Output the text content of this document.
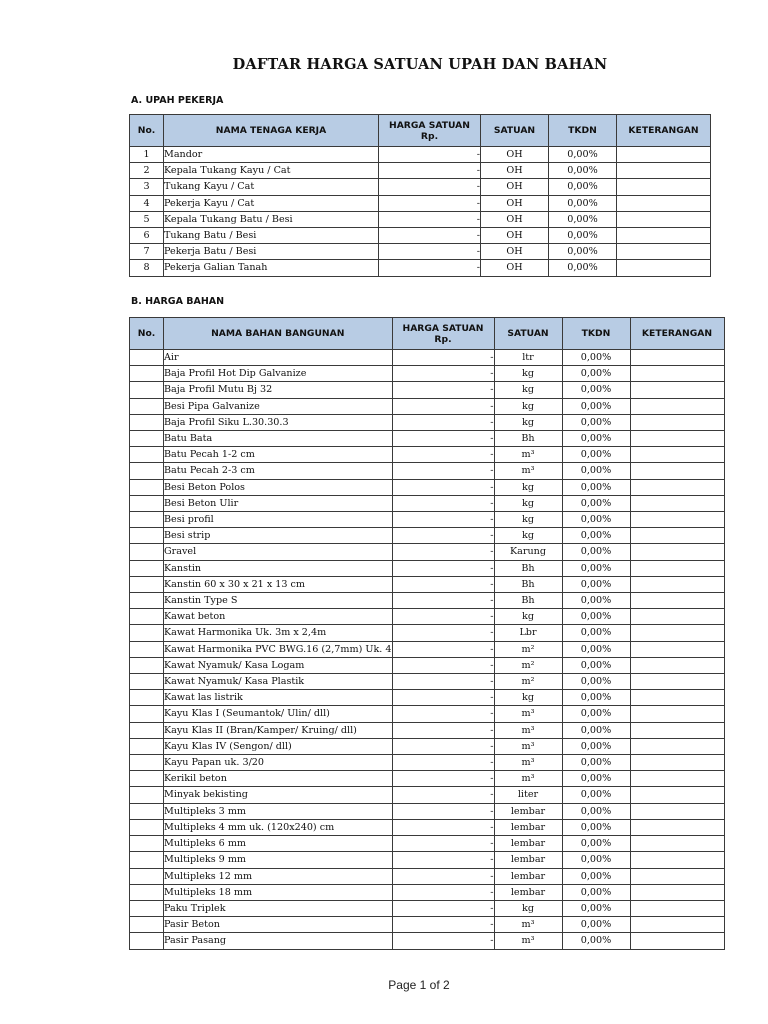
DAFTAR HARGA SATUAN UPAH DAN BAHAN
A. UPAH PEKERJA
No.	NAMA TENAGA KERJA	HARGA SATUAN
Rp.	SATUAN	TKDN	KETERANGAN
1	Mandor	-	OH	0,00%	
2	Kepala Tukang Kayu / Cat	-	OH	0,00%	
3	Tukang Kayu / Cat	-	OH	0,00%	
4	Pekerja Kayu / Cat	-	OH	0,00%	
5	Kepala Tukang Batu / Besi	-	OH	0,00%	
6	Tukang Batu / Besi	-	OH	0,00%	
7	Pekerja Batu / Besi	-	OH	0,00%	
8	Pekerja Galian Tanah	-	OH	0,00%	
B. HARGA BAHAN
No.	NAMA BAHAN BANGUNAN	HARGA SATUAN
Rp.	SATUAN	TKDN	KETERANGAN
	Air	-	ltr	0,00%	
	Baja Profil Hot Dip Galvanize	-	kg	0,00%	
	Baja Profil Mutu Bj 32	-	kg	0,00%	
	Besi Pipa Galvanize	-	kg	0,00%	
	Baja Profil Siku L.30.30.3	-	kg	0,00%	
	Batu Bata	-	Bh	0,00%	
	Batu Pecah 1-2 cm	-	m³	0,00%	
	Batu Pecah 2-3 cm	-	m³	0,00%	
	Besi Beton Polos	-	kg	0,00%	
	Besi Beton Ulir	-	kg	0,00%	
	Besi profil	-	kg	0,00%	
	Besi strip	-	kg	0,00%	
	Gravel	-	Karung	0,00%	
	Kanstin	-	Bh	0,00%	
	Kanstin 60 x 30 x 21 x 13 cm	-	Bh	0,00%	
	Kanstin Type S	-	Bh	0,00%	
	Kawat beton	-	kg	0,00%	
	Kawat Harmonika Uk. 3m x 2,4m	-	Lbr	0,00%	
	Kawat Harmonika PVC BWG.16 (2,7mm) Uk. 4	-	m²	0,00%	
	Kawat Nyamuk/ Kasa Logam	-	m²	0,00%	
	Kawat Nyamuk/ Kasa Plastik	-	m²	0,00%	
	Kawat las listrik	-	kg	0,00%	
	Kayu Klas I (Seumantok/ Ulin/ dll)	-	m³	0,00%	
	Kayu Klas II (Bran/Kamper/ Kruing/ dll)	-	m³	0,00%	
	Kayu Klas IV (Sengon/ dll)	-	m³	0,00%	
	Kayu Papan uk. 3/20	-	m³	0,00%	
	Kerikil beton	-	m³	0,00%	
	Minyak bekisting	-	liter	0,00%	
	Multipleks 3 mm	-	lembar	0,00%	
	Multipleks 4 mm uk. (120x240) cm	-	lembar	0,00%	
	Multipleks 6 mm	-	lembar	0,00%	
	Multipleks 9 mm	-	lembar	0,00%	
	Multipleks 12 mm	-	lembar	0,00%	
	Multipleks 18 mm	-	lembar	0,00%	
	Paku Triplek	-	kg	0,00%	
	Pasir Beton	-	m³	0,00%	
	Pasir Pasang	-	m³	0,00%	
Page 1 of 2
